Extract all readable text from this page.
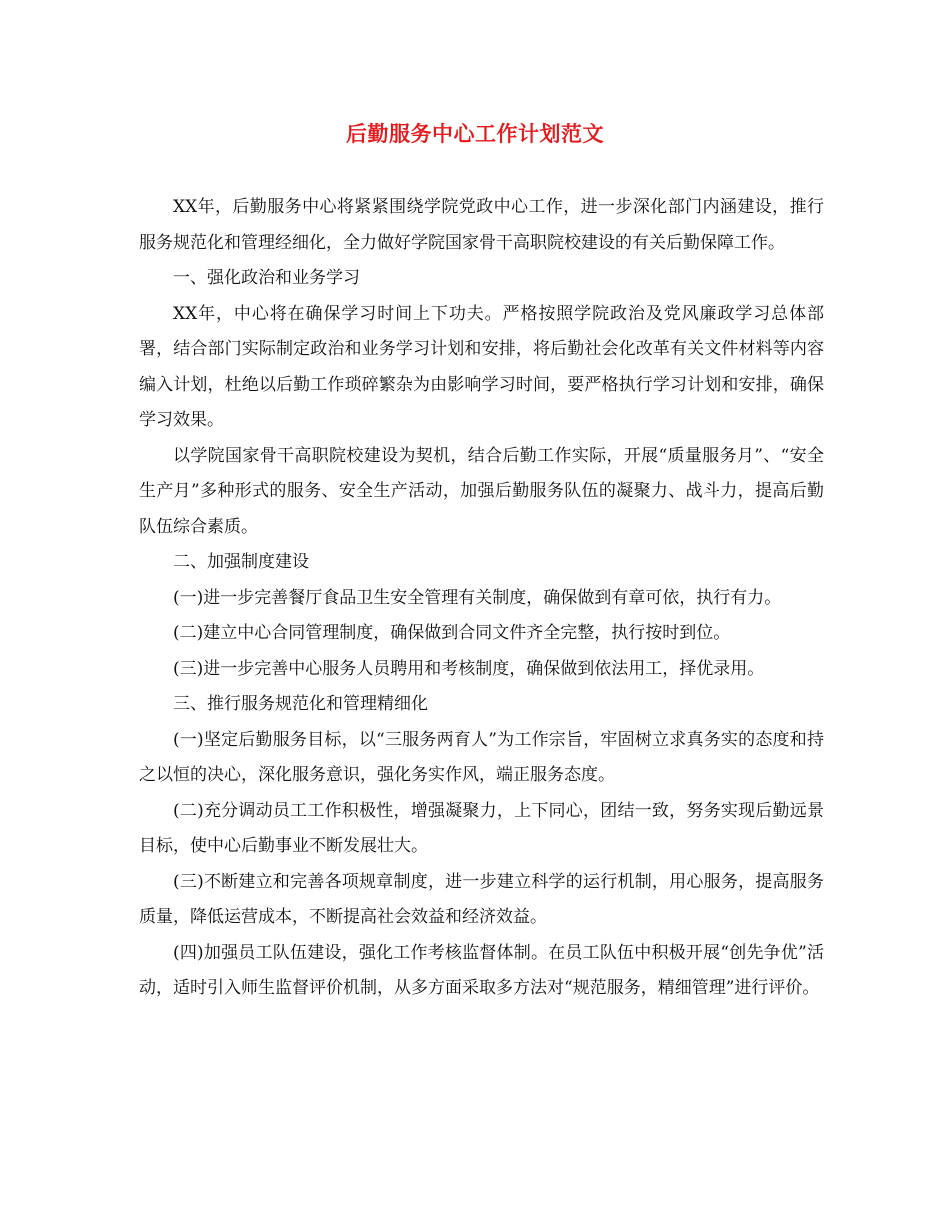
后勤服务中心工作计划范文

XX年，后勤服务中心将紧紧围绕学院党政中心工作，进一步深化部门内涵建设，推行服务规范化和管理经细化，全力做好学院国家骨干高职院校建设的有关后勤保障工作。

一、强化政治和业务学习

XX年，中心将在确保学习时间上下功夫。严格按照学院政治及党风廉政学习总体部署，结合部门实际制定政治和业务学习计划和安排，将后勤社会化改革有关文件材料等内容编入计划，杜绝以后勤工作琐碎繁杂为由影响学习时间，要严格执行学习计划和安排，确保学习效果。

以学院国家骨干高职院校建设为契机，结合后勤工作实际，开展“质量服务月”、“安全生产月”多种形式的服务、安全生产活动，加强后勤服务队伍的凝聚力、战斗力，提高后勤队伍综合素质。

二、加强制度建设

(一)进一步完善餐厅食品卫生安全管理有关制度，确保做到有章可依，执行有力。

(二)建立中心合同管理制度，确保做到合同文件齐全完整，执行按时到位。

(三)进一步完善中心服务人员聘用和考核制度，确保做到依法用工，择优录用。

三、推行服务规范化和管理精细化

(一)坚定后勤服务目标，以“三服务两育人”为工作宗旨，牢固树立求真务实的态度和持之以恒的决心，深化服务意识，强化务实作风，端正服务态度。

(二)充分调动员工工作积极性，增强凝聚力，上下同心，团结一致，努务实现后勤远景目标，使中心后勤事业不断发展壮大。

(三)不断建立和完善各项规章制度，进一步建立科学的运行机制，用心服务，提高服务质量，降低运营成本，不断提高社会效益和经济效益。

(四)加强员工队伍建设，强化工作考核监督体制。在员工队伍中积极开展“创先争优”活动，适时引入师生监督评价机制，从多方面采取多方法对“规范服务，精细管理”进行评价。
